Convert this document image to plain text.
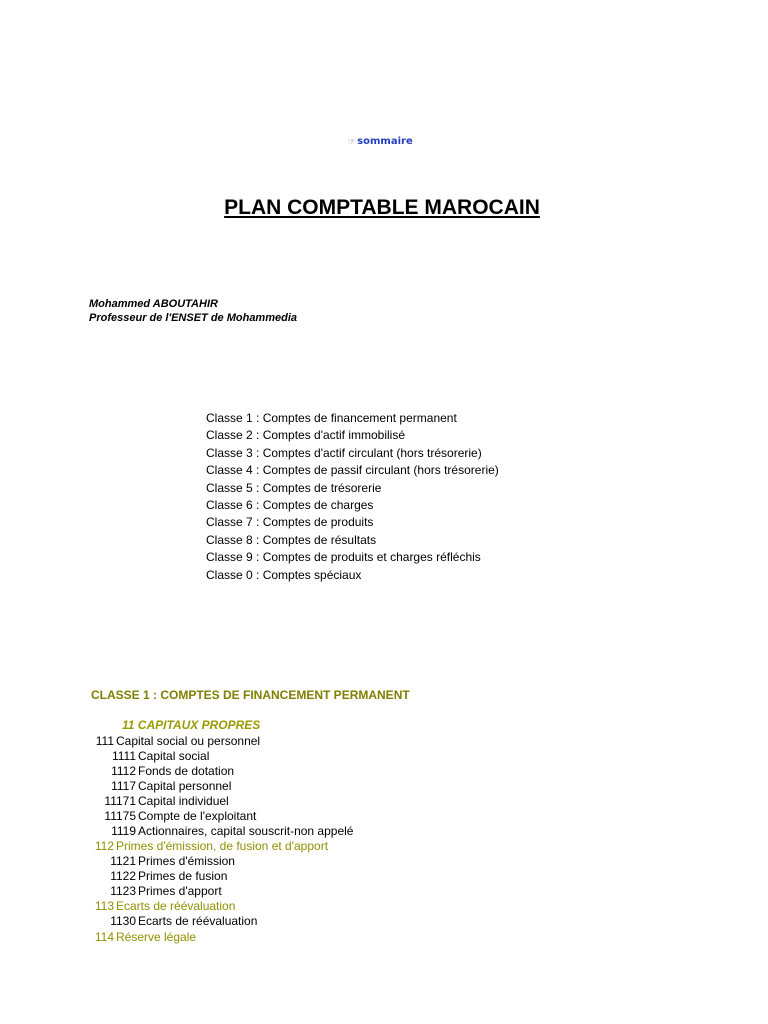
☞ sommaire
PLAN COMPTABLE MAROCAIN
Mohammed ABOUTAHIR
Professeur de l'ENSET de Mohammedia
Classe 1 : Comptes de financement permanent
Classe 2 : Comptes d'actif immobilisé
Classe 3 : Comptes d'actif circulant (hors trésorerie)
Classe 4 : Comptes de passif circulant (hors trésorerie)
Classe 5 : Comptes de trésorerie
Classe 6 : Comptes de charges
Classe 7 : Comptes de produits
Classe 8 : Comptes de résultats
Classe 9 : Comptes de produits et charges réfléchis
Classe 0 : Comptes spéciaux
CLASSE 1 : COMPTES DE FINANCEMENT PERMANENT
11 CAPITAUX PROPRES
111 Capital social ou personnel
1111 Capital social
1112 Fonds de dotation
1117 Capital personnel
11171 Capital individuel
11175 Compte de l'exploitant
1119 Actionnaires, capital souscrit-non appelé
112 Primes d'émission, de fusion et d'apport
1121 Primes d'émission
1122 Primes de fusion
1123 Primes d'apport
113 Ecarts de réévaluation
1130 Ecarts de réévaluation
114 Réserve légale
